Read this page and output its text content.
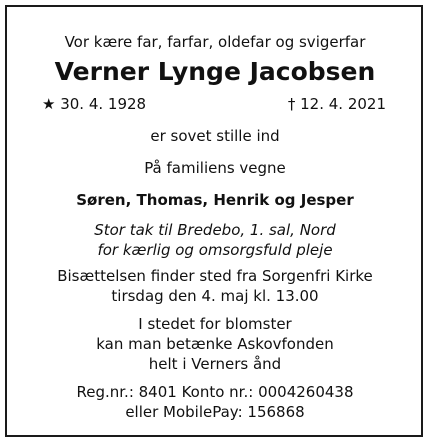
Vor kære far, farfar, oldefar og svigerfar
Verner Lynge Jacobsen
★ 30. 4. 1928	† 12. 4. 2021
er sovet stille ind
På familiens vegne
Søren, Thomas, Henrik og Jesper
Stor tak til Bredebo, 1. sal, Nord
for kærlig og omsorgsfuld pleje
Bisættelsen finder sted fra Sorgenfri Kirke
tirsdag den 4. maj kl. 13.00
I stedet for blomster
kan man betænke Askovfonden
helt i Verners ånd
Reg.nr.: 8401 Konto nr.: 0004260438
eller MobilePay: 156868
